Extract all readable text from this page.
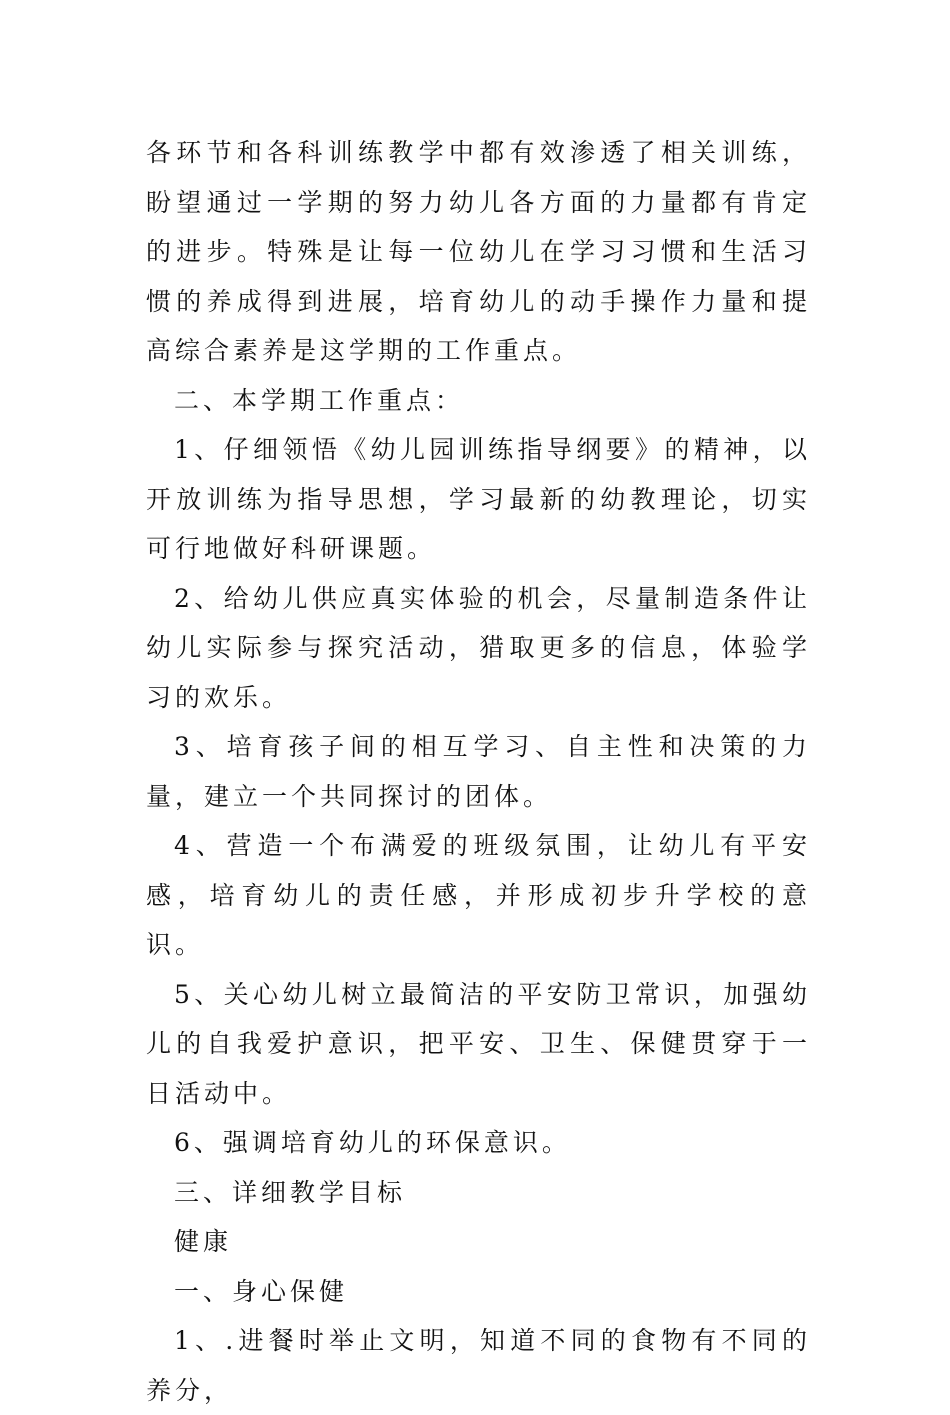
各环节和各科训练教学中都有效渗透了相关训练，盼望通过一学期的努力幼儿各方面的力量都有肯定的进步。特殊是让每一位幼儿在学习习惯和生活习惯的养成得到进展，培育幼儿的动手操作力量和提高综合素养是这学期的工作重点。

二、本学期工作重点：

1、仔细领悟《幼儿园训练指导纲要》的精神，以开放训练为指导思想，学习最新的幼教理论，切实可行地做好科研课题。

2、给幼儿供应真实体验的机会，尽量制造条件让幼儿实际参与探究活动，猎取更多的信息，体验学习的欢乐。

3、培育孩子间的相互学习、自主性和决策的力量，建立一个共同探讨的团体。

4、营造一个布满爱的班级氛围，让幼儿有平安感，培育幼儿的责任感，并形成初步升学校的意识。

5、关心幼儿树立最简洁的平安防卫常识，加强幼儿的自我爱护意识，把平安、卫生、保健贯穿于一日活动中。

6、强调培育幼儿的环保意识。

三、详细教学目标

健康

一、身心保健

1、.进餐时举止文明，知道不同的食物有不同的养分，
